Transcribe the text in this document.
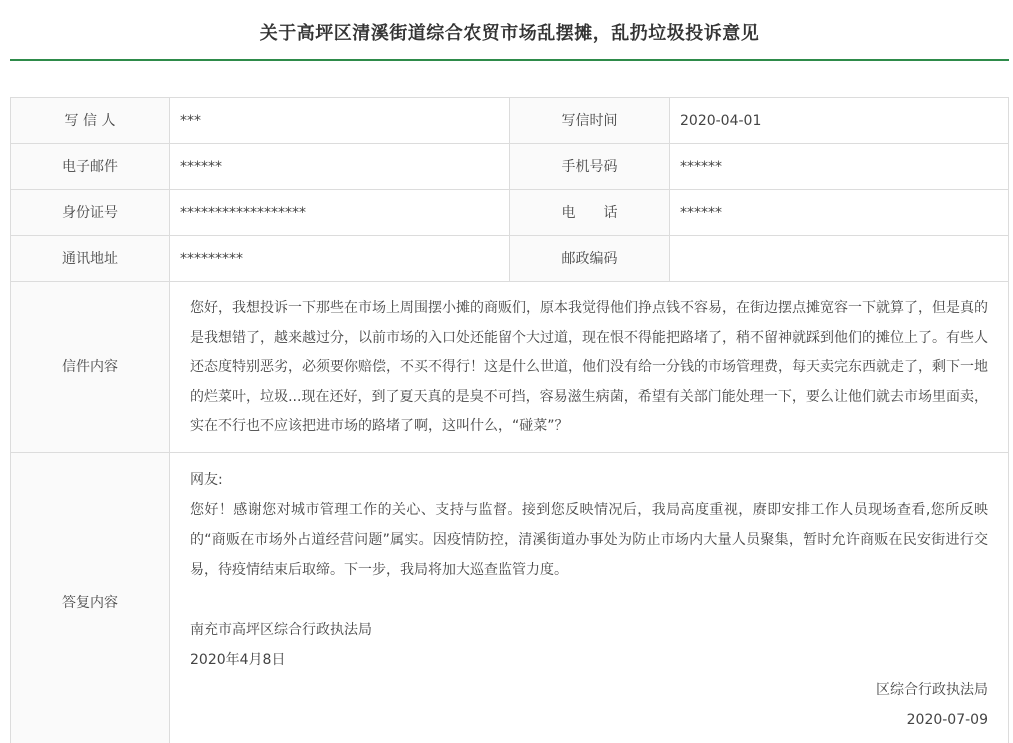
关于高坪区清溪街道综合农贸市场乱摆摊，乱扔垃圾投诉意见
写 信 人	***	写信时间	2020-04-01
电子邮件	******	手机号码	******
身份证号	******************	电　　话	******
通讯地址	*********	邮政编码
信件内容
您好，我想投诉一下那些在市场上周围摆小摊的商贩们，原本我觉得他们挣点钱不容易，在街边摆点摊宽容一下就算了，但是真的是我想错了，越来越过分，以前市场的入口处还能留个大过道，现在恨不得能把路堵了，稍不留神就踩到他们的摊位上了。有些人还态度特别恶劣，必须要你赔偿，不买不得行！这是什么世道，他们没有给一分钱的市场管理费，每天卖完东西就走了，剩下一地的烂菜叶，垃圾...现在还好，到了夏天真的是臭不可挡，容易滋生病菌，希望有关部门能处理一下，要么让他们就去市场里面卖，实在不行也不应该把进市场的路堵了啊，这叫什么，“碰菜”？
答复内容

网友:

您好！感谢您对城市管理工作的关心、支持与监督。接到您反映情况后，我局高度重视，赓即安排工作人员现场查看,您所反映的“商贩在市场外占道经营问题”属实。因疫情防控，清溪街道办事处为防止市场内大量人员聚集，暂时允许商贩在民安街进行交易，待疫情结束后取缔。下一步，我局将加大巡查监管力度。

南充市高坪区综合行政执法局

2020年4月8日

区综合行政执法局

2020-07-09
